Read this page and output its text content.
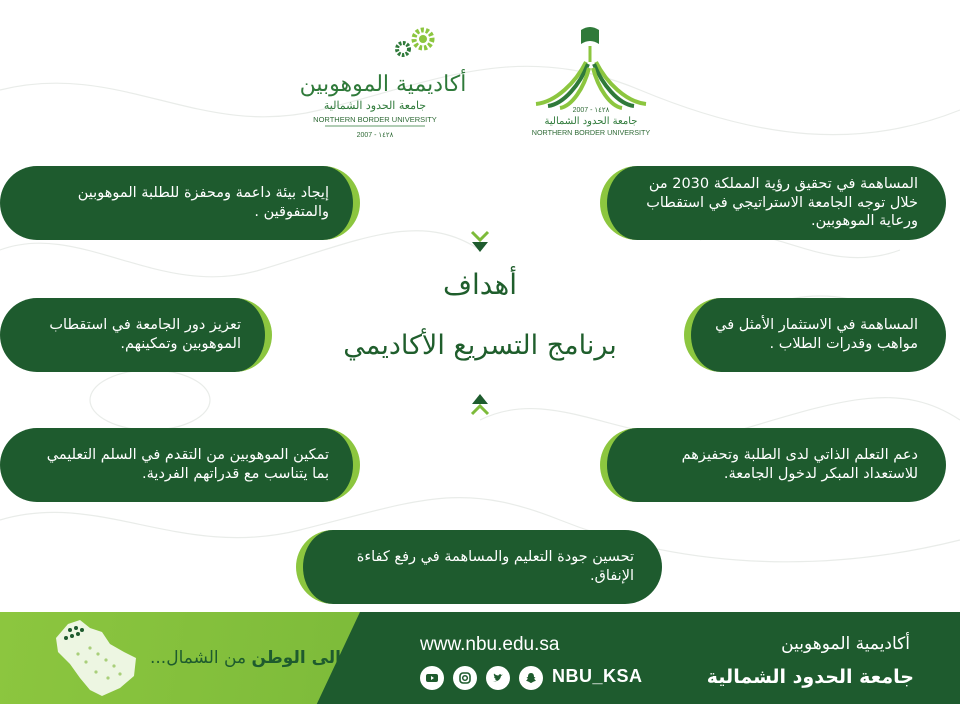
أكاديمية الموهوبين
جامعة الحدود الشمالية
NORTHERN BORDER UNIVERSITY
2007 - ١٤٢٨
2007 - ١٤٢٨
جامعة الحدود الشمالية
NORTHERN BORDER UNIVERSITY
أهداف
برنامج التسريع الأكاديمي
المساهمة في تحقيق رؤية المملكة 2030 من خلال توجه الجامعة الاستراتيجي في استقطاب ورعاية الموهوبين.
إيجاد بيئة داعمة ومحفزة للطلبة الموهوبين والمتفوقين .
المساهمة في الاستثمار الأمثل في مواهب وقدرات الطلاب .
تعزيز دور الجامعة في استقطاب الموهوبين وتمكينهم.
دعم التعلم الذاتي لدى الطلبة وتحفيزهم للاستعداد المبكر لدخول الجامعة.
تمكين الموهوبين من التقدم في السلم التعليمي بما يتناسب مع قدراتهم الفردية.
تحسين جودة التعليم والمساهمة في رفع كفاءة الإنفاق.
إلى الوطن من الشمال...
www.nbu.edu.sa
NBU_KSA
أكاديمية الموهوبين
جامعة الحدود الشمالية
